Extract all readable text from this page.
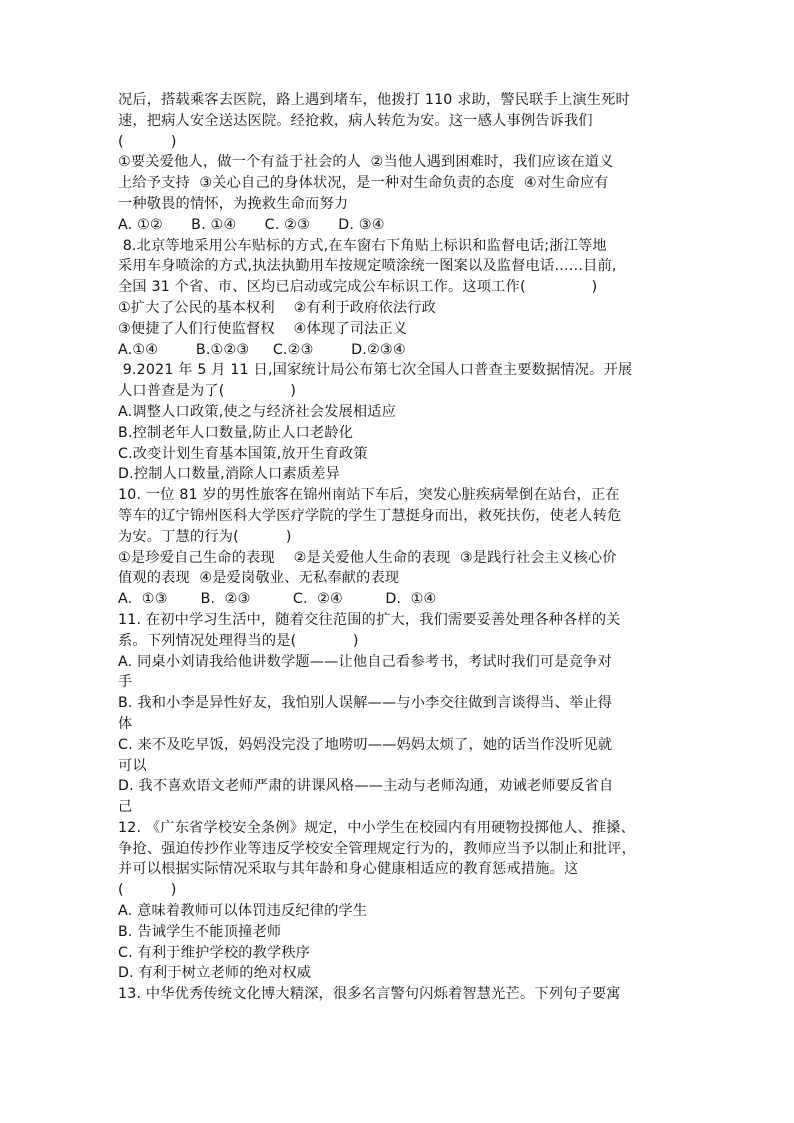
况后，搭载乘客去医院，路上遇到堵车，他拨打 110 求助，警民联手上演生死时
速，把病人安全送达医院。经抢救，病人转危为安。这一感人事例告诉我们
(          )
①要关爱他人，做一个有益于社会的人  ②当他人遇到困难时，我们应该在道义
上给予支持  ③关心自己的身体状况，是一种对生命负责的态度  ④对生命应有
一种敬畏的情怀，为挽救生命而努力
A. ①②      B. ①④      C. ②③      D. ③④
8.北京等地采用公车贴标的方式,在车窗右下角贴上标识和监督电话;浙江等地
采用车身喷涂的方式,执法执勤用车按规定喷涂统一图案以及监督电话……目前,
全国 31 个省、市、区均已启动或完成公车标识工作。这项工作(              )
①扩大了公民的基本权利    ②有利于政府依法行政
③便捷了人们行使监督权    ④体现了司法正义
A.①④        B.①②③     C.②③        D.②③④
9.2021 年 5 月 11 日,国家统计局公布第七次全国人口普查主要数据情况。开展
人口普查是为了(              )
A.调整人口政策,使之与经济社会发展相适应
B.控制老年人口数量,防止人口老龄化
C.改变计划生育基本国策,放开生育政策
D.控制人口数量,消除人口素质差异
10. 一位 81 岁的男性旅客在锦州南站下车后，突发心脏疾病晕倒在站台，正在
等车的辽宁锦州医科大学医疗学院的学生丁慧挺身而出，救死扶伤，使老人转危
为安。丁慧的行为(          )
①是珍爱自己生命的表现    ②是关爱他人生命的表现  ③是践行社会主义核心价
值观的表现  ④是爱岗敬业、无私奉献的表现
A.  ①③       B.  ②③         C.  ②④         D.  ①④
11. 在初中学习生活中，随着交往范围的扩大，我们需要妥善处理各种各样的关
系。下列情况处理得当的是(            )
A. 同桌小刘请我给他讲数学题——让他自己看参考书，考试时我们可是竞争对
手
B. 我和小李是异性好友，我怕别人误解——与小李交往做到言谈得当、举止得
体
C. 来不及吃早饭，妈妈没完没了地唠叨——妈妈太烦了，她的话当作没听见就
可以
D. 我不喜欢语文老师严肃的讲课风格——主动与老师沟通，劝诫老师要反省自
己
12. 《广东省学校安全条例》规定，中小学生在校园内有用硬物投掷他人、推搡、
争抢、强迫传抄作业等违反学校安全管理规定行为的，教师应当予以制止和批评，
并可以根据实际情况采取与其年龄和身心健康相适应的教育惩戒措施。这
(          )
A. 意味着教师可以体罚违反纪律的学生
B. 告诫学生不能顶撞老师
C. 有利于维护学校的教学秩序
D. 有利于树立老师的绝对权威
13. 中华优秀传统文化博大精深，很多名言警句闪烁着智慧光芒。下列句子要寓
